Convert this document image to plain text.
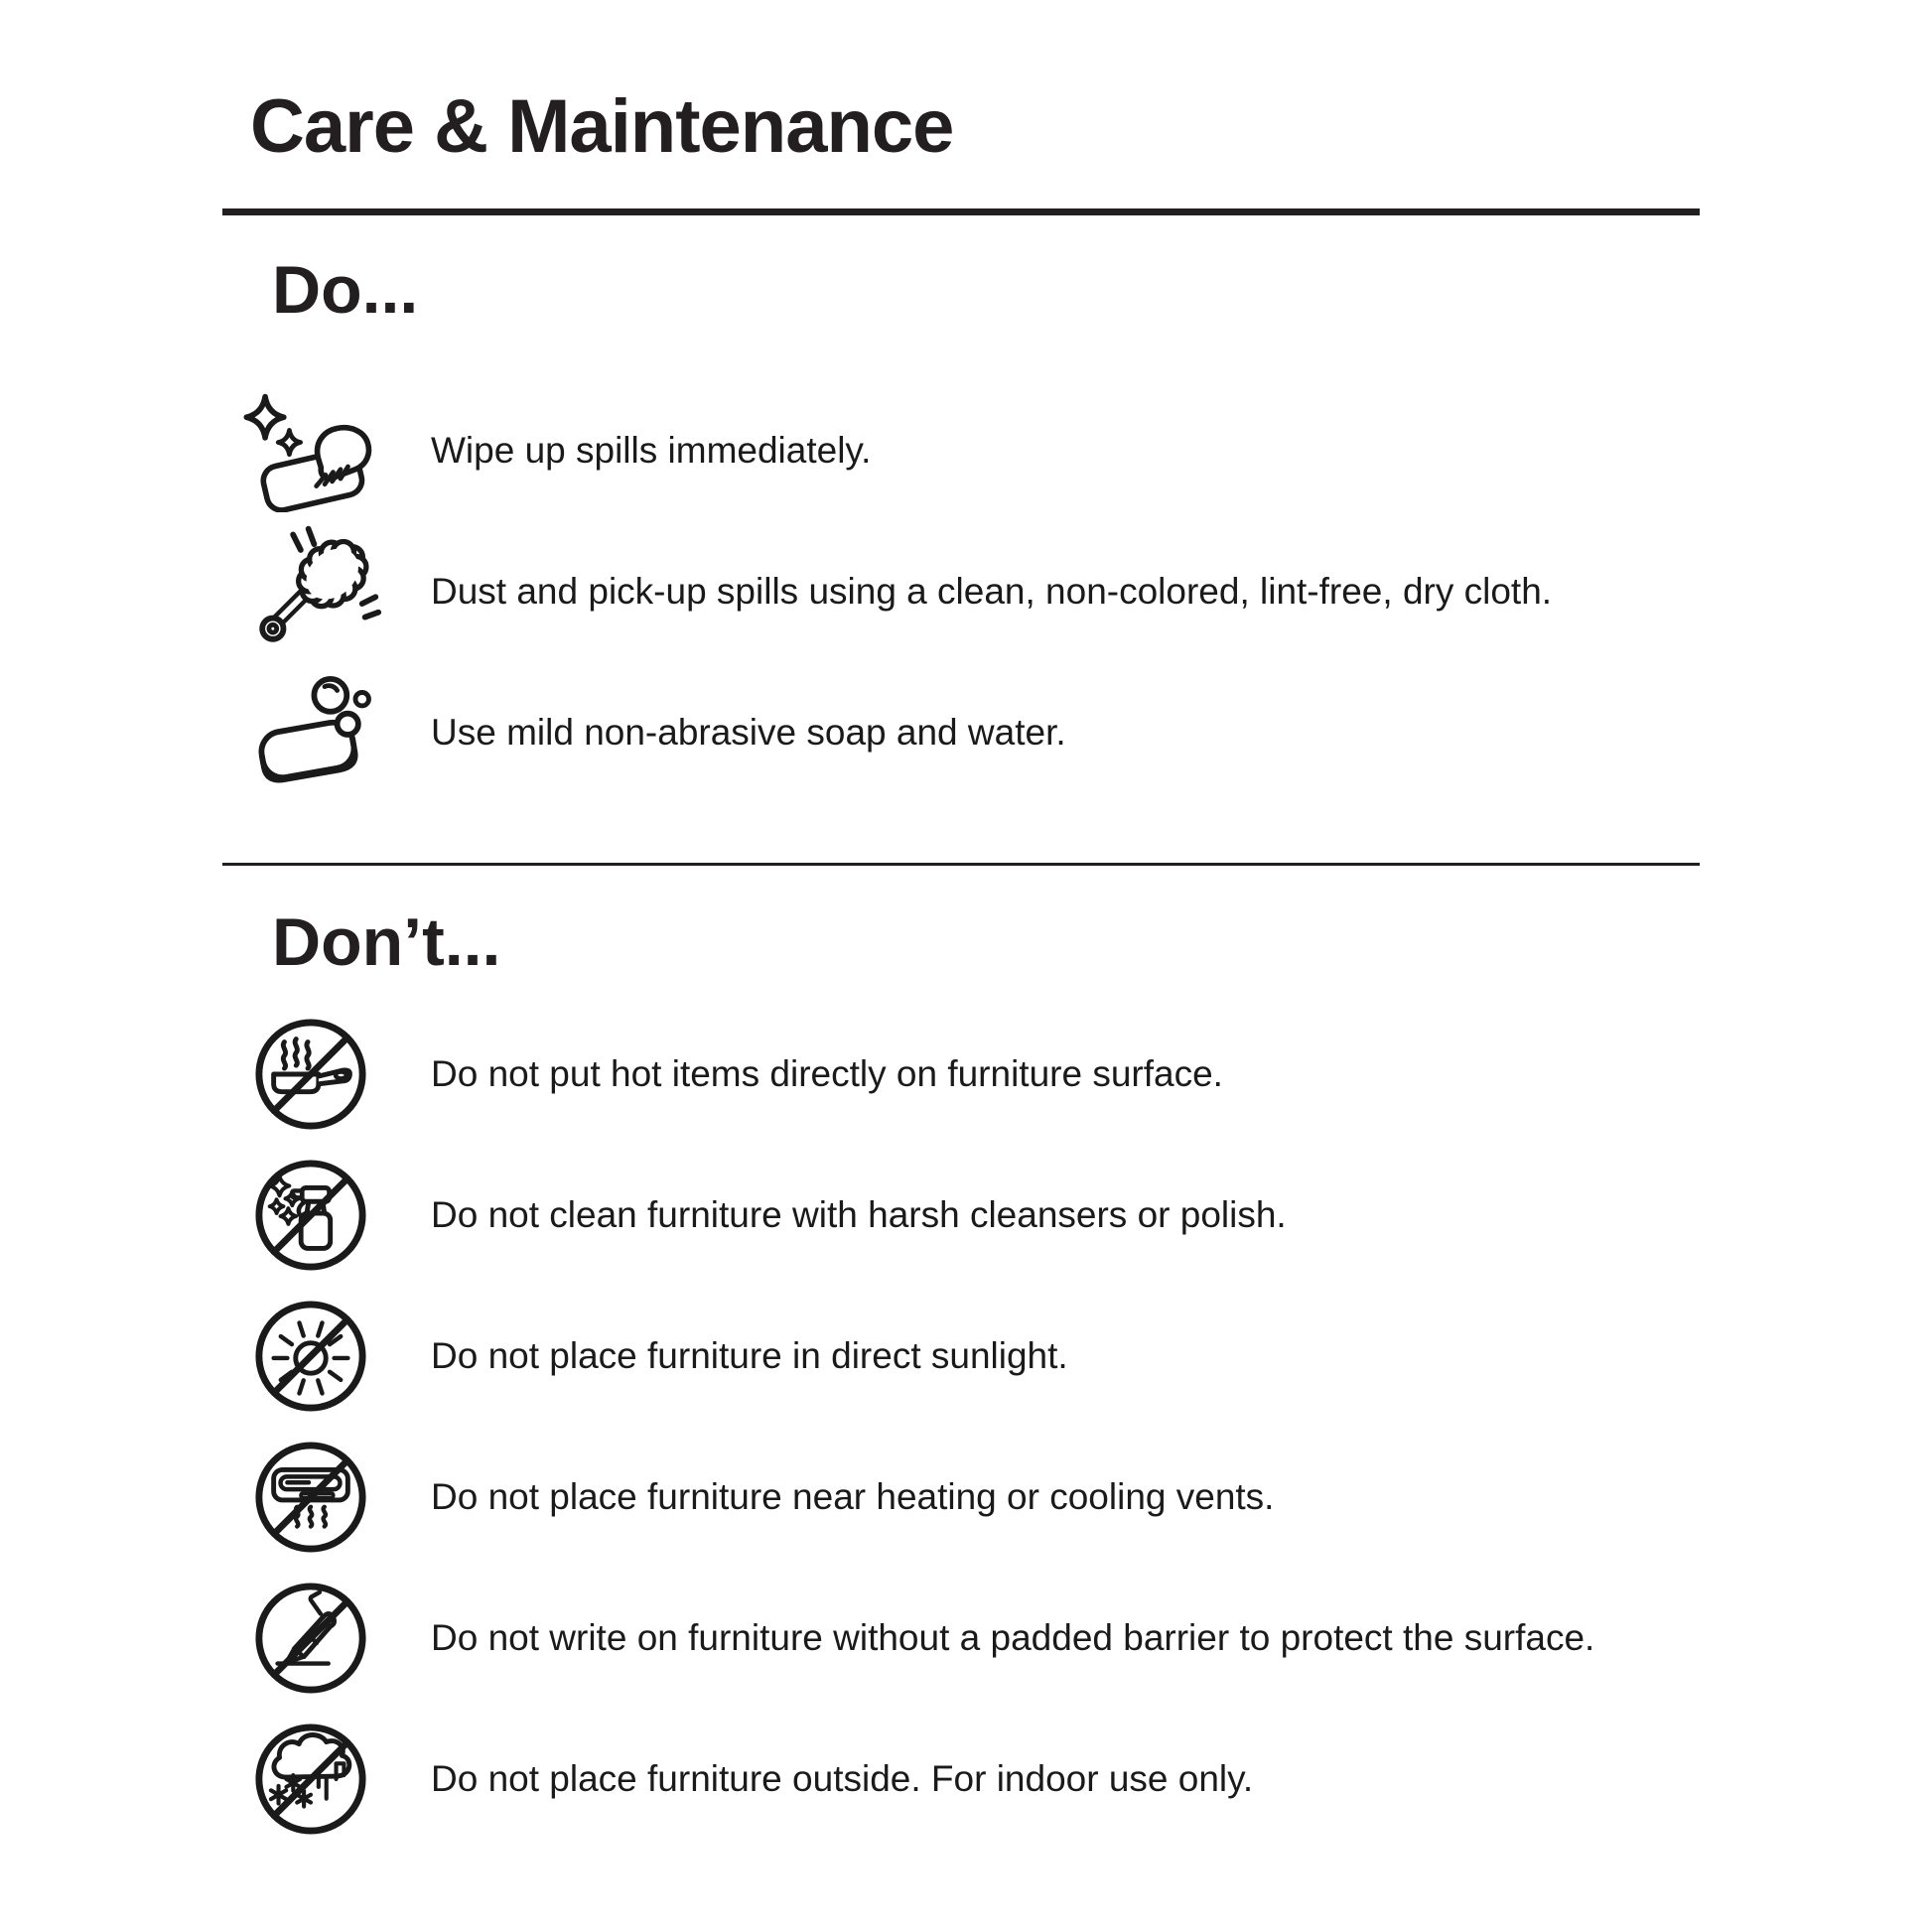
Care & Maintenance
Do...

Wipe up spills immediately.

Dust and pick-up spills using a clean, non-colored, lint-free, dry cloth.

Use mild non-abrasive soap and water.

Don’t...

Do not put hot items directly on furniture surface.

Do not clean furniture with harsh cleansers or polish.

Do not place furniture in direct sunlight.

Do not place furniture near heating or cooling vents.

Do not write on furniture without a padded barrier to protect the surface.

Do not place furniture outside. For indoor use only.
